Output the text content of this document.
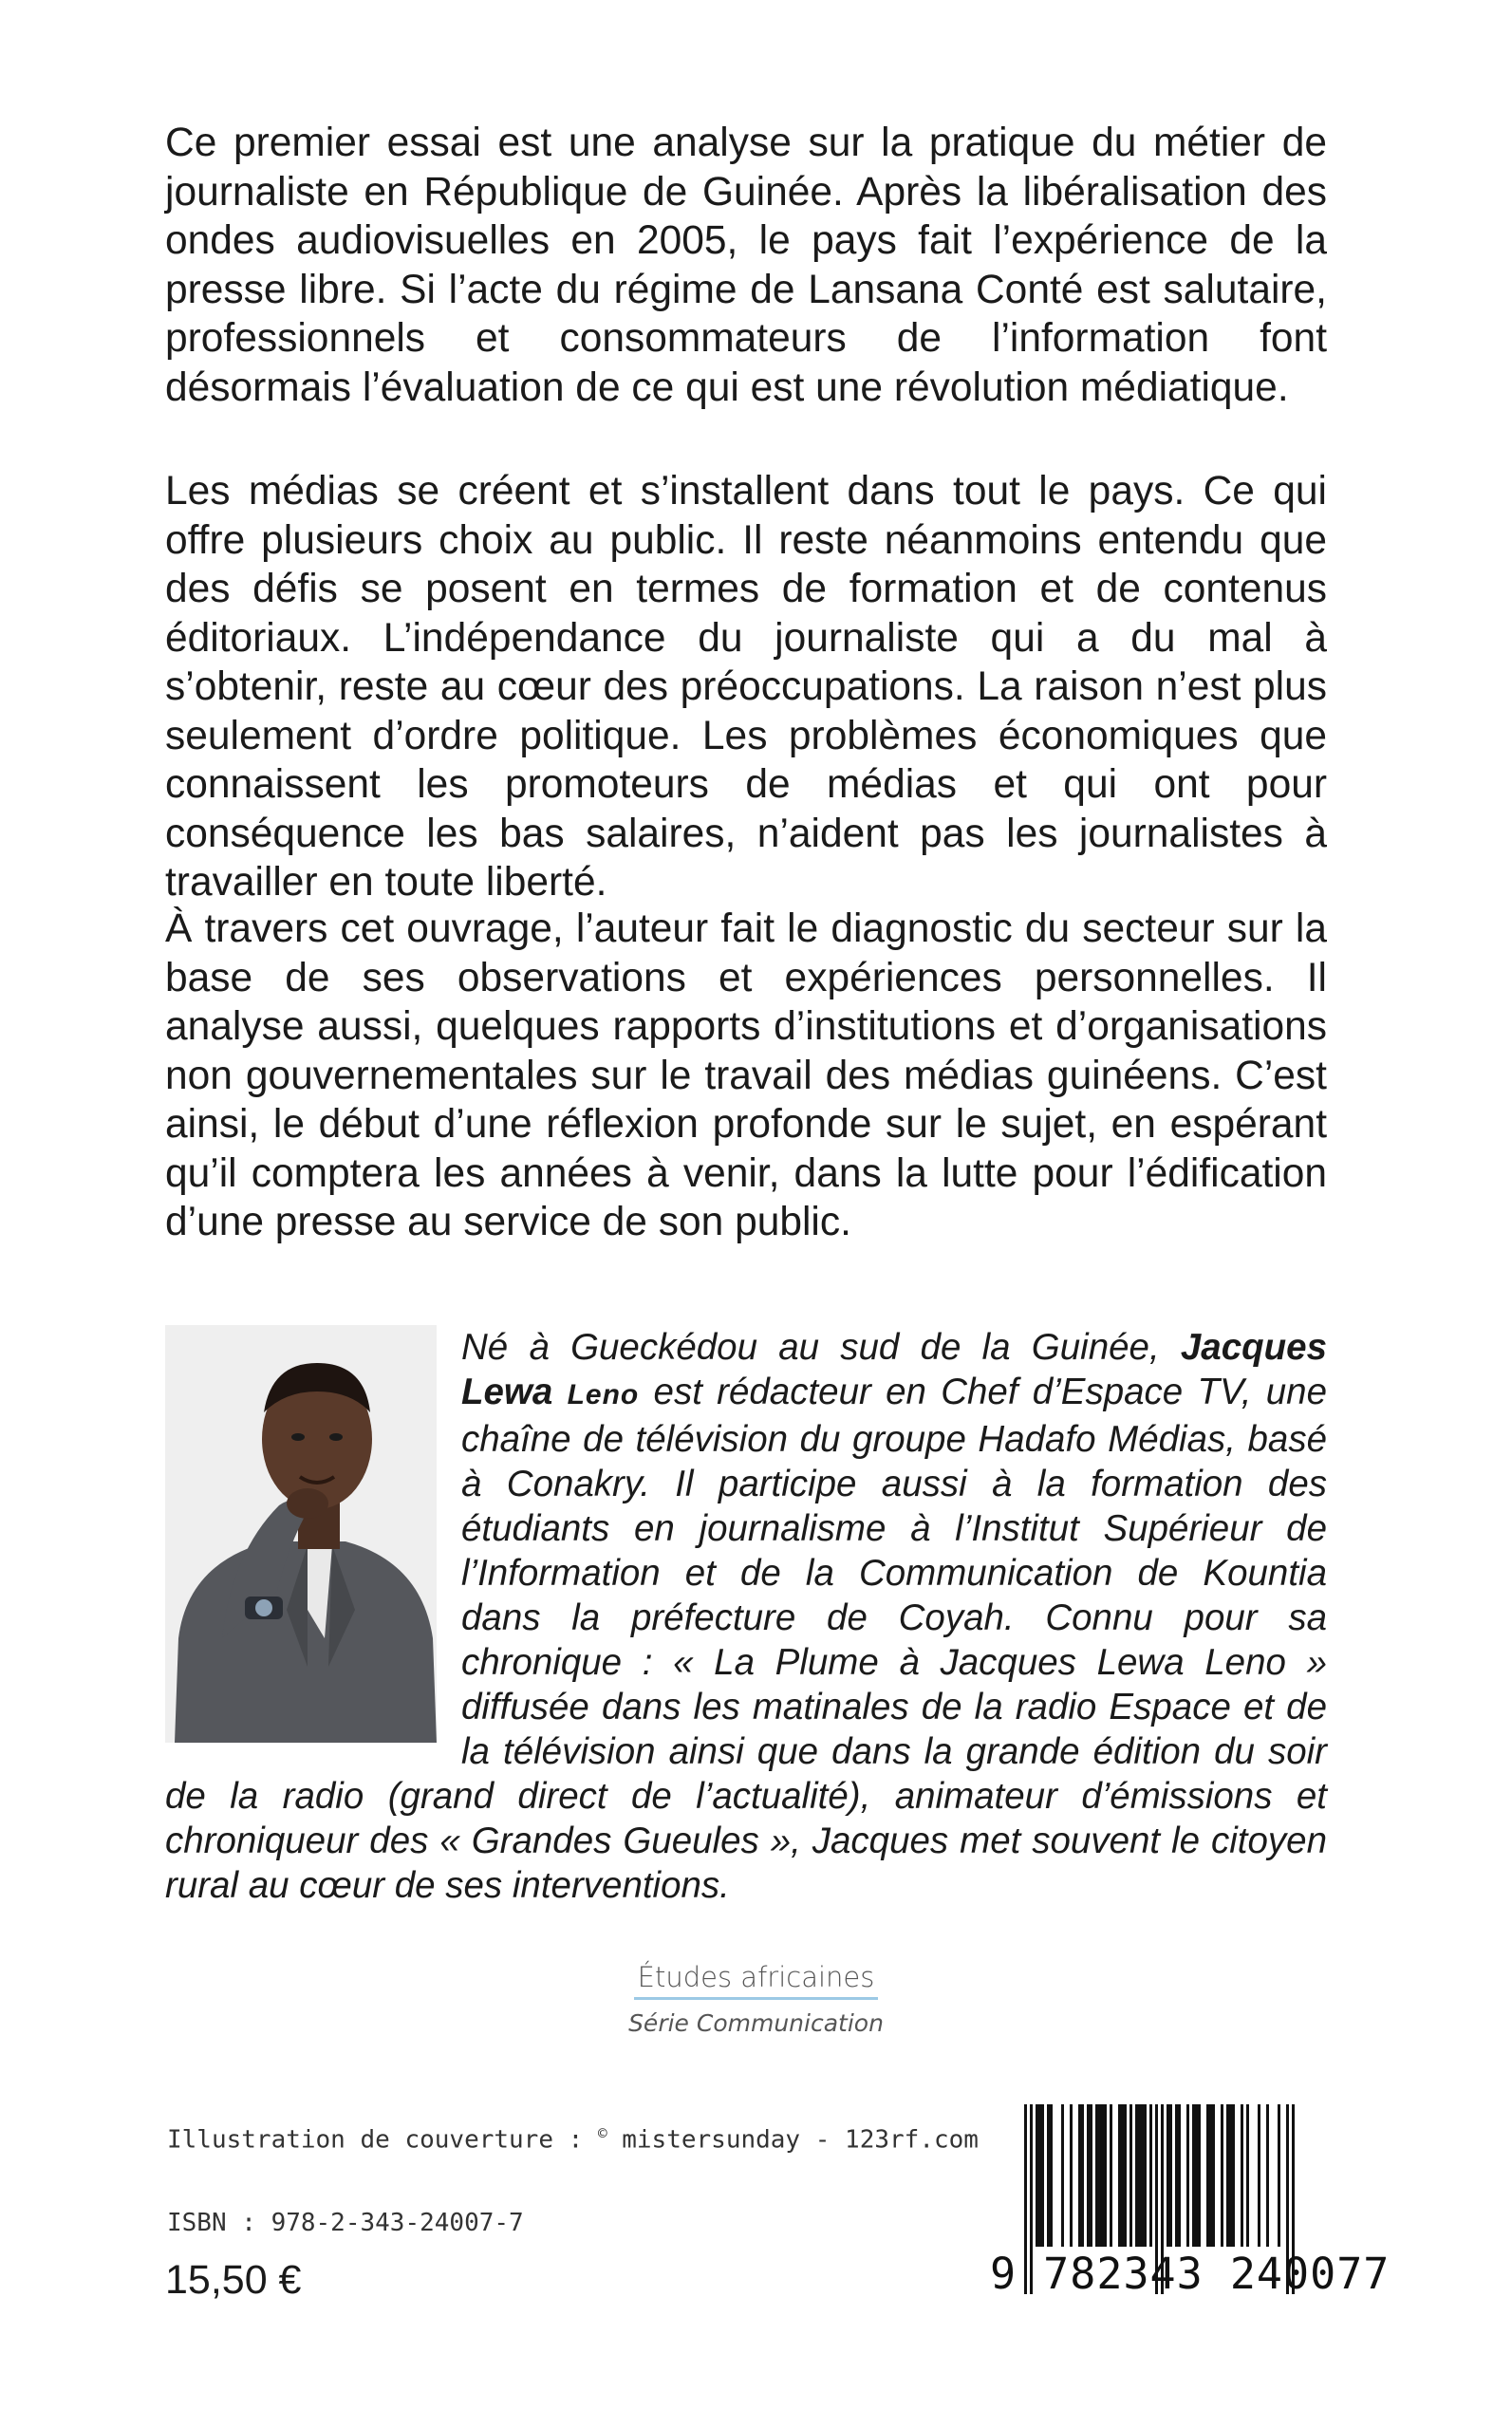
Ce premier essai est une analyse sur la pratique du métier de journaliste en République de Guinée. Après la libéralisation des ondes audiovisuelles en 2005, le pays fait l’expérience de la presse libre. Si l’acte du régime de Lansana Conté est salutaire, professionnels et consommateurs de l’information font désormais l’évaluation de ce qui est une révolution médiatique.

Les médias se créent et s’installent dans tout le pays. Ce qui offre plusieurs choix au public. Il reste néanmoins entendu que des défis se posent en termes de formation et de contenus éditoriaux. L’indépendance du journaliste qui a du mal à s’obtenir, reste au cœur des préoccupations. La raison n’est plus seulement d’ordre politique. Les problèmes économiques que connaissent les promoteurs de médias et qui ont pour conséquence les bas salaires, n’aident pas les journalistes à travailler en toute liberté.

À travers cet ouvrage, l’auteur fait le diagnostic du secteur sur la base de ses observations et expériences personnelles. Il analyse aussi, quelques rapports d’institutions et d’organisations non gouvernementales sur le travail des médias guinéens. C’est ainsi, le début d’une réflexion profonde sur le sujet, en espérant qu’il comptera les années à venir, dans la lutte pour l’édification d’une presse au service de son public.

Né à Gueckédou au sud de la Guinée, Jacques Lewa Leno est rédacteur en Chef d’Espace TV, une chaîne de télévision du groupe Hadafo Médias, basé à Conakry. Il participe aussi à la formation des étudiants en journalisme à l’Institut Supérieur de l’Information et de la Communication de Kountia dans la préfecture de Coyah. Connu pour sa chronique : « La Plume à Jacques Lewa Leno » diffusée dans les matinales de la radio Espace et de la télévision ainsi que dans la grande édition du soir de la radio (grand direct de l’actualité), animateur d’émissions et chroniqueur des « Grandes Gueules », Jacques met souvent le citoyen rural au cœur de ses interventions.
Études africaines
Série Communication
Illustration de couverture : © mistersunday - 123rf.com
ISBN : 978-2-343-24007-7
15,50 €	9 782343 240077
